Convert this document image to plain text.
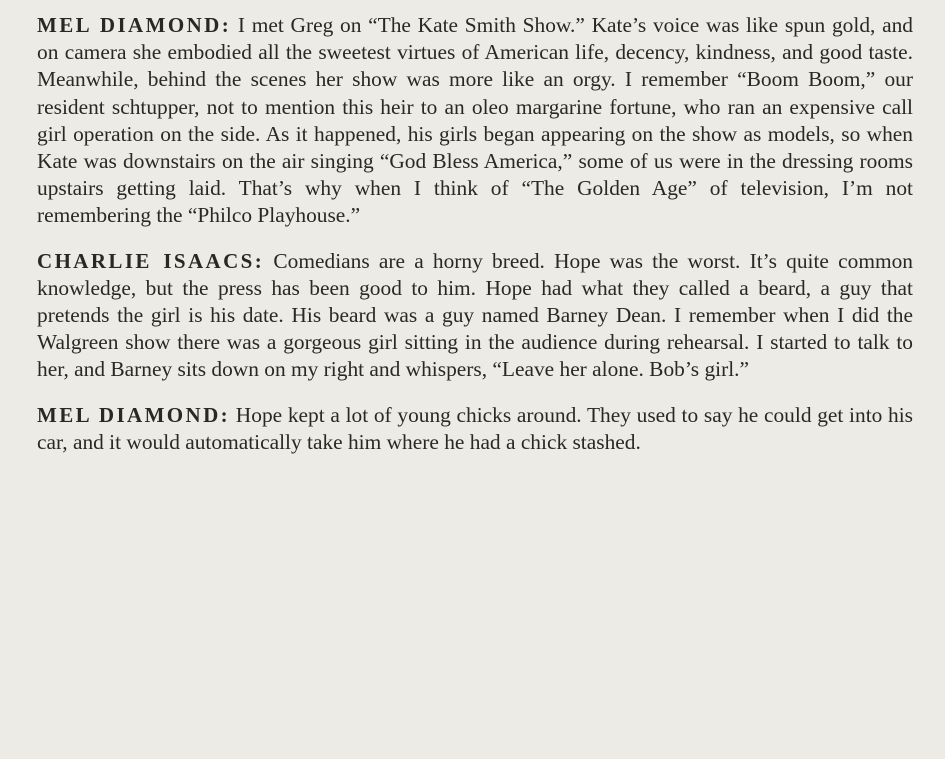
MEL DIAMOND: I met Greg on “The Kate Smith Show.” Kate’s voice was like spun gold, and on camera she embodied all the sweetest virtues of American life, decency, kindness, and good taste. Meanwhile, behind the scenes her show was more like an orgy. I remember “Boom Boom,” our resident schtupper, not to mention this heir to an oleo margarine fortune, who ran an expensive call girl operation on the side. As it happened, his girls began appearing on the show as models, so when Kate was downstairs on the air singing “God Bless America,” some of us were in the dressing rooms upstairs getting laid. That’s why when I think of “The Golden Age” of television, I’m not remembering the “Philco Playhouse.”

CHARLIE ISAACS: Comedians are a horny breed. Hope was the worst. It’s quite common knowledge, but the press has been good to him. Hope had what they called a beard, a guy that pretends the girl is his date. His beard was a guy named Barney Dean. I remember when I did the Walgreen show there was a gorgeous girl sitting in the audience during rehearsal. I started to talk to her, and Barney sits down on my right and whispers, “Leave her alone. Bob’s girl.”

MEL DIAMOND: Hope kept a lot of young chicks around. They used to say he could get into his car, and it would automatically take him where he had a chick stashed.
